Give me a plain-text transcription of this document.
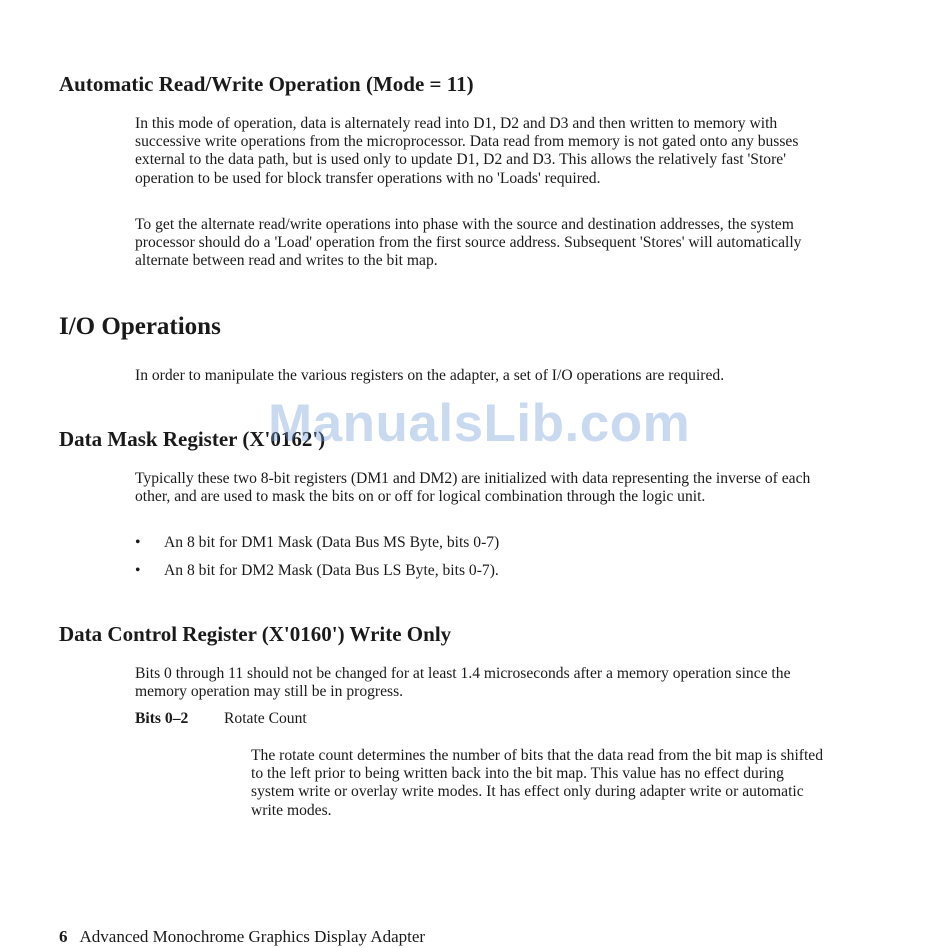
Automatic Read/Write Operation (Mode = 11)

In this mode of operation, data is alternately read into D1, D2 and D3 and then written to memory with successive write operations from the microprocessor. Data read from memory is not gated onto any busses external to the data path, but is used only to update D1, D2 and D3. This allows the relatively fast 'Store' operation to be used for block transfer operations with no 'Loads' required.

To get the alternate read/write operations into phase with the source and destination addresses, the system processor should do a 'Load' operation from the first source address. Subsequent 'Stores' will automatically alternate between read and writes to the bit map.

I/O Operations

In order to manipulate the various registers on the adapter, a set of I/O operations are required.

Data Mask Register (X'0162')

Typically these two 8-bit registers (DM1 and DM2) are initialized with data representing the inverse of each other, and are used to mask the bits on or off for logical combination through the logic unit.

• An 8 bit for DM1 Mask (Data Bus MS Byte, bits 0-7)
• An 8 bit for DM2 Mask (Data Bus LS Byte, bits 0-7).
Data Control Register (X'0160') Write Only

Bits 0 through 11 should not be changed for at least 1.4 microseconds after a memory operation since the memory operation may still be in progress.

Bits 0–2 Rotate Count

The rotate count determines the number of bits that the data read from the bit map is shifted to the left prior to being written back into the bit map. This value has no effect during system write or overlay write modes. It has effect only during adapter write or automatic write modes.

6 Advanced Monochrome Graphics Display Adapter
ManualsLib.com
